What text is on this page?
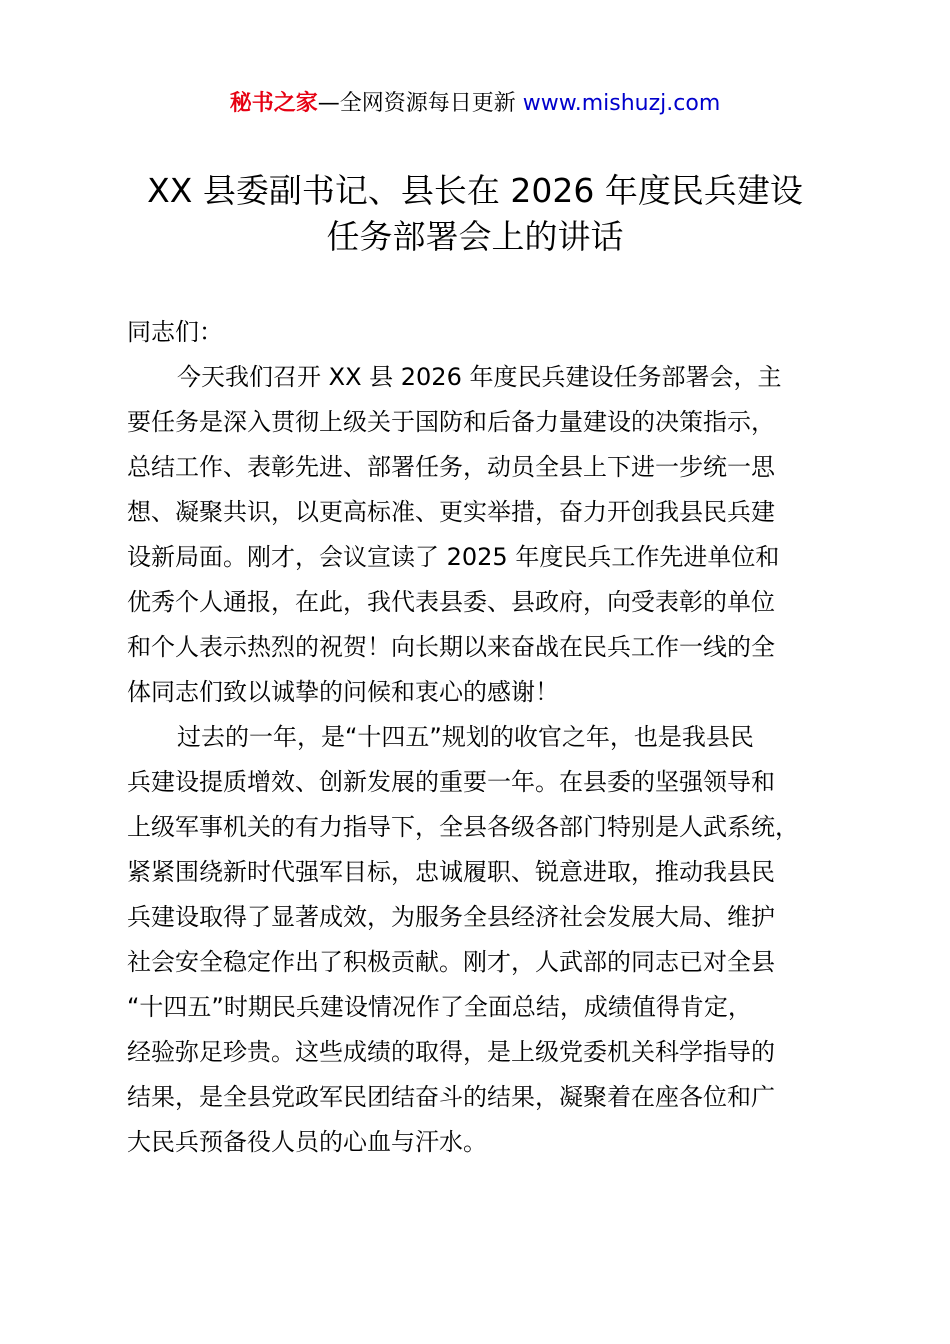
秘书之家—全网资源每日更新 www.mishuzj.com
XX 县委副书记、县长在 2026 年度民兵建设
任务部署会上的讲话

同志们：

今天我们召开 XX 县 2026 年度民兵建设任务部署会，主
要任务是深入贯彻上级关于国防和后备力量建设的决策指示，
总结工作、表彰先进、部署任务，动员全县上下进一步统一思
想、凝聚共识，以更高标准、更实举措，奋力开创我县民兵建
设新局面。刚才，会议宣读了 2025 年度民兵工作先进单位和
优秀个人通报，在此，我代表县委、县政府，向受表彰的单位
和个人表示热烈的祝贺！向长期以来奋战在民兵工作一线的全
体同志们致以诚挚的问候和衷心的感谢！

过去的一年，是“十四五”规划的收官之年，也是我县民
兵建设提质增效、创新发展的重要一年。在县委的坚强领导和
上级军事机关的有力指导下，全县各级各部门特别是人武系统，
紧紧围绕新时代强军目标，忠诚履职、锐意进取，推动我县民
兵建设取得了显著成效，为服务全县经济社会发展大局、维护
社会安全稳定作出了积极贡献。刚才，人武部的同志已对全县
“十四五”时期民兵建设情况作了全面总结，成绩值得肯定，
经验弥足珍贵。这些成绩的取得，是上级党委机关科学指导的
结果，是全县党政军民团结奋斗的结果，凝聚着在座各位和广
大民兵预备役人员的心血与汗水。
